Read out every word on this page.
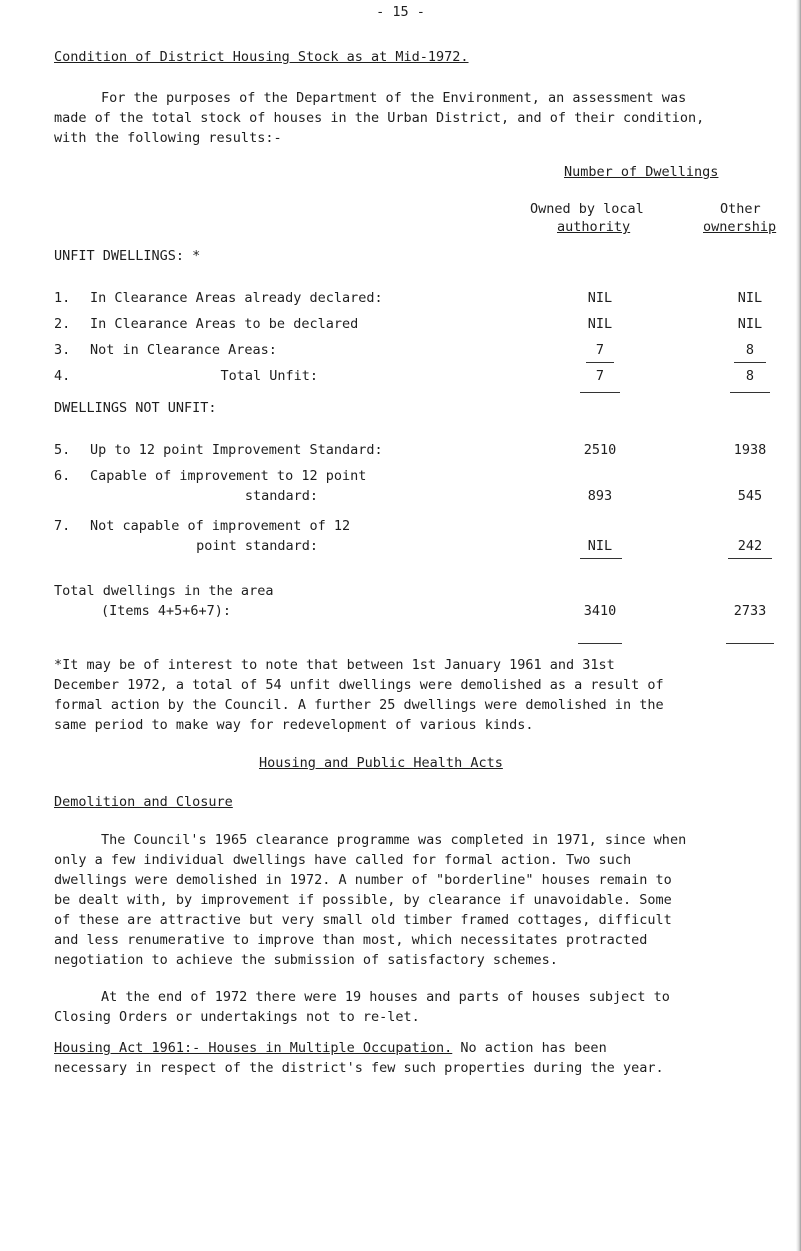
- 15 -
Condition of District Housing Stock as at Mid-1972.
For the purposes of the Department of the Environment, an assessment was
made of the total stock of houses in the Urban District, and of their condition,
with the following results:-
Number of Dwellings
Owned by local
authority
Other
ownership
UNFIT DWELLINGS: *
1. In Clearance Areas already declared:	NIL	NIL
2. In Clearance Areas to be declared	NIL	NIL
3. Not in Clearance Areas:	7	8
4.	Total Unfit:	7	8
DWELLINGS NOT UNFIT:
5. Up to 12 point Improvement Standard:	2510	1938
6. Capable of improvement to 12 point
standard:	893	545
7. Not capable of improvement of 12
point standard:	NIL	242
Total dwellings in the area
(Items 4+5+6+7):	3410	2733
*It may be of interest to note that between 1st January 1961 and 31st
December 1972, a total of 54 unfit dwellings were demolished as a result of
formal action by the Council. A further 25 dwellings were demolished in the
same period to make way for redevelopment of various kinds.
Housing and Public Health Acts
Demolition and Closure
The Council's 1965 clearance programme was completed in 1971, since when
only a few individual dwellings have called for formal action. Two such
dwellings were demolished in 1972. A number of "borderline" houses remain to
be dealt with, by improvement if possible, by clearance if unavoidable. Some
of these are attractive but very small old timber framed cottages, difficult
and less renumerative to improve than most, which necessitates protracted
negotiation to achieve the submission of satisfactory schemes.
At the end of 1972 there were 19 houses and parts of houses subject to
Closing Orders or undertakings not to re-let.
Housing Act 1961:- Houses in Multiple Occupation. No action has been
necessary in respect of the district's few such properties during the year.
